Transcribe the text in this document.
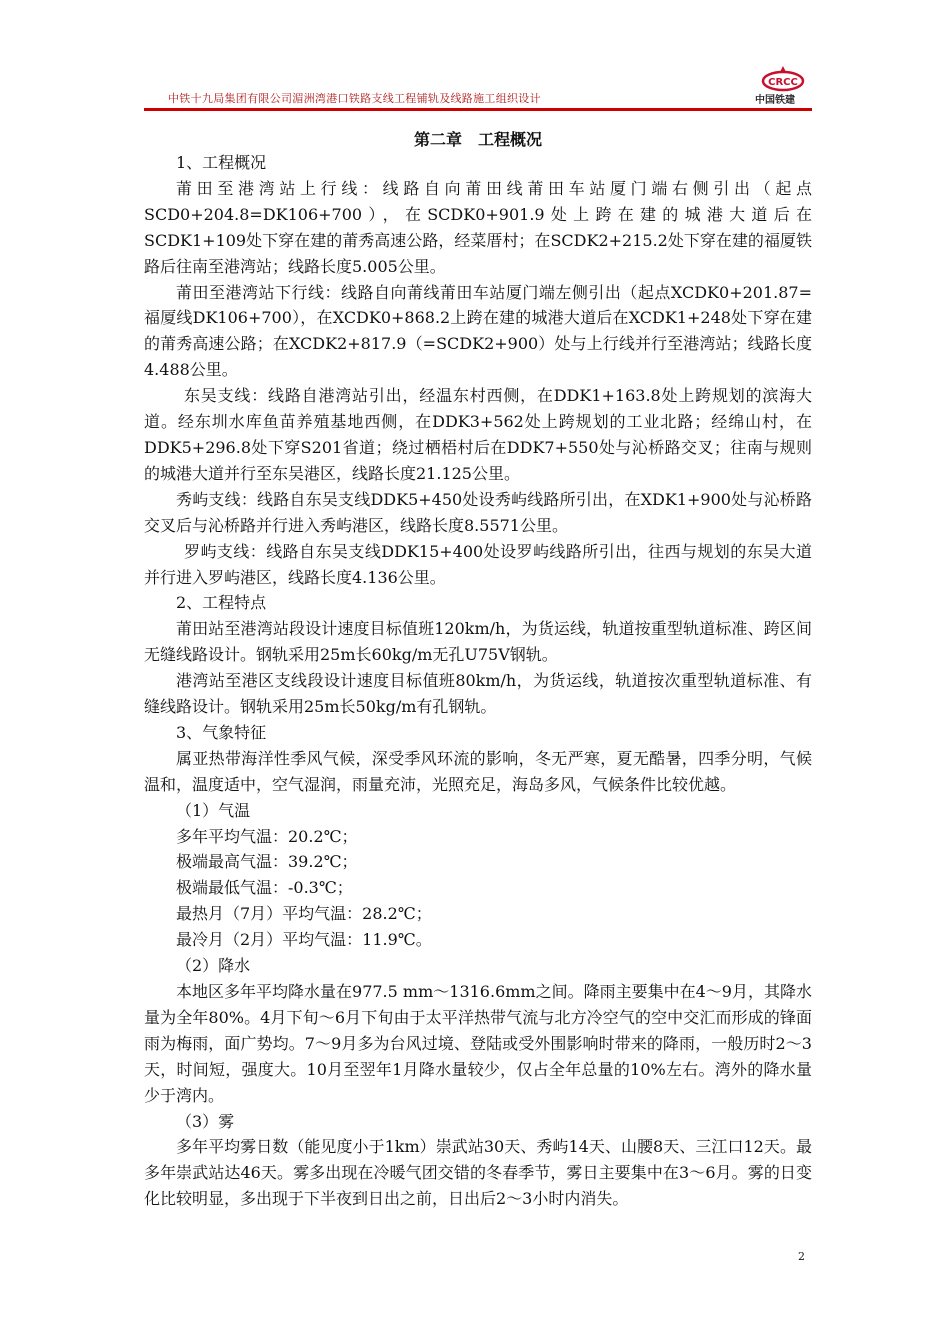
中铁十九局集团有限公司湄洲湾港口铁路支线工程铺轨及线路施工组织设计
CRCC
中国铁建
第二章　工程概况

1、工程概况

莆田至港湾站上行线：线路自向莆田线莆田车站厦门端右侧引出（起点SCD0+204.8=DK106+700），在SCDK0+901.9处上跨在建的城港大道后在SCDK1+109处下穿在建的莆秀高速公路，经菜厝村；在SCDK2+215.2处下穿在建的福厦铁路后往南至港湾站；线路长度5.005公里。

莆田至港湾站下行线：线路自向莆线莆田车站厦门端左侧引出（起点XCDK0+201.87=福厦线DK106+700），在XCDK0+868.2上跨在建的城港大道后在XCDK1+248处下穿在建的莆秀高速公路；在XCDK2+817.9（=SCDK2+900）处与上行线并行至港湾站；线路长度4.488公里。

东吴支线：线路自港湾站引出，经温东村西侧，在DDK1+163.8处上跨规划的滨海大道。经东圳水库鱼苗养殖基地西侧，在DDK3+562处上跨规划的工业北路；经绵山村，在DDK5+296.8处下穿S201省道；绕过栖梧村后在DDK7+550处与沁桥路交叉；往南与规则的城港大道并行至东吴港区，线路长度21.125公里。

秀屿支线：线路自东吴支线DDK5+450处设秀屿线路所引出，在XDK1+900处与沁桥路交叉后与沁桥路并行进入秀屿港区，线路长度8.5571公里。

罗屿支线：线路自东吴支线DDK15+400处设罗屿线路所引出，往西与规划的东吴大道并行进入罗屿港区，线路长度4.136公里。

2、工程特点

莆田站至港湾站段设计速度目标值班120km/h，为货运线，轨道按重型轨道标准、跨区间无缝线路设计。钢轨采用25m长60kg/m无孔U75V钢轨。

港湾站至港区支线段设计速度目标值班80km/h，为货运线，轨道按次重型轨道标准、有缝线路设计。钢轨采用25m长50kg/m有孔钢轨。

3、气象特征

属亚热带海洋性季风气候，深受季风环流的影响，冬无严寒，夏无酷暑，四季分明，气候温和，温度适中，空气湿润，雨量充沛，光照充足，海岛多风，气候条件比较优越。

（1）气温

多年平均气温：20.2℃；

极端最高气温：39.2℃；

极端最低气温：-0.3℃；

最热月（7月）平均气温：28.2℃；

最冷月（2月）平均气温：11.9℃。

（2）降水

本地区多年平均降水量在977.5 mm～1316.6mm之间。降雨主要集中在4～9月，其降水量为全年80%。4月下旬～6月下旬由于太平洋热带气流与北方冷空气的空中交汇而形成的锋面雨为梅雨，面广势均。7～9月多为台风过境、登陆或受外围影响时带来的降雨，一般历时2～3天，时间短，强度大。10月至翌年1月降水量较少，仅占全年总量的10%左右。湾外的降水量少于湾内。

（3）雾

多年平均雾日数（能见度小于1km）崇武站30天、秀屿14天、山腰8天、三江口12天。最多年崇武站达46天。雾多出现在冷暖气团交错的冬春季节，雾日主要集中在3～6月。雾的日变化比较明显，多出现于下半夜到日出之前，日出后2～3小时内消失。

2
